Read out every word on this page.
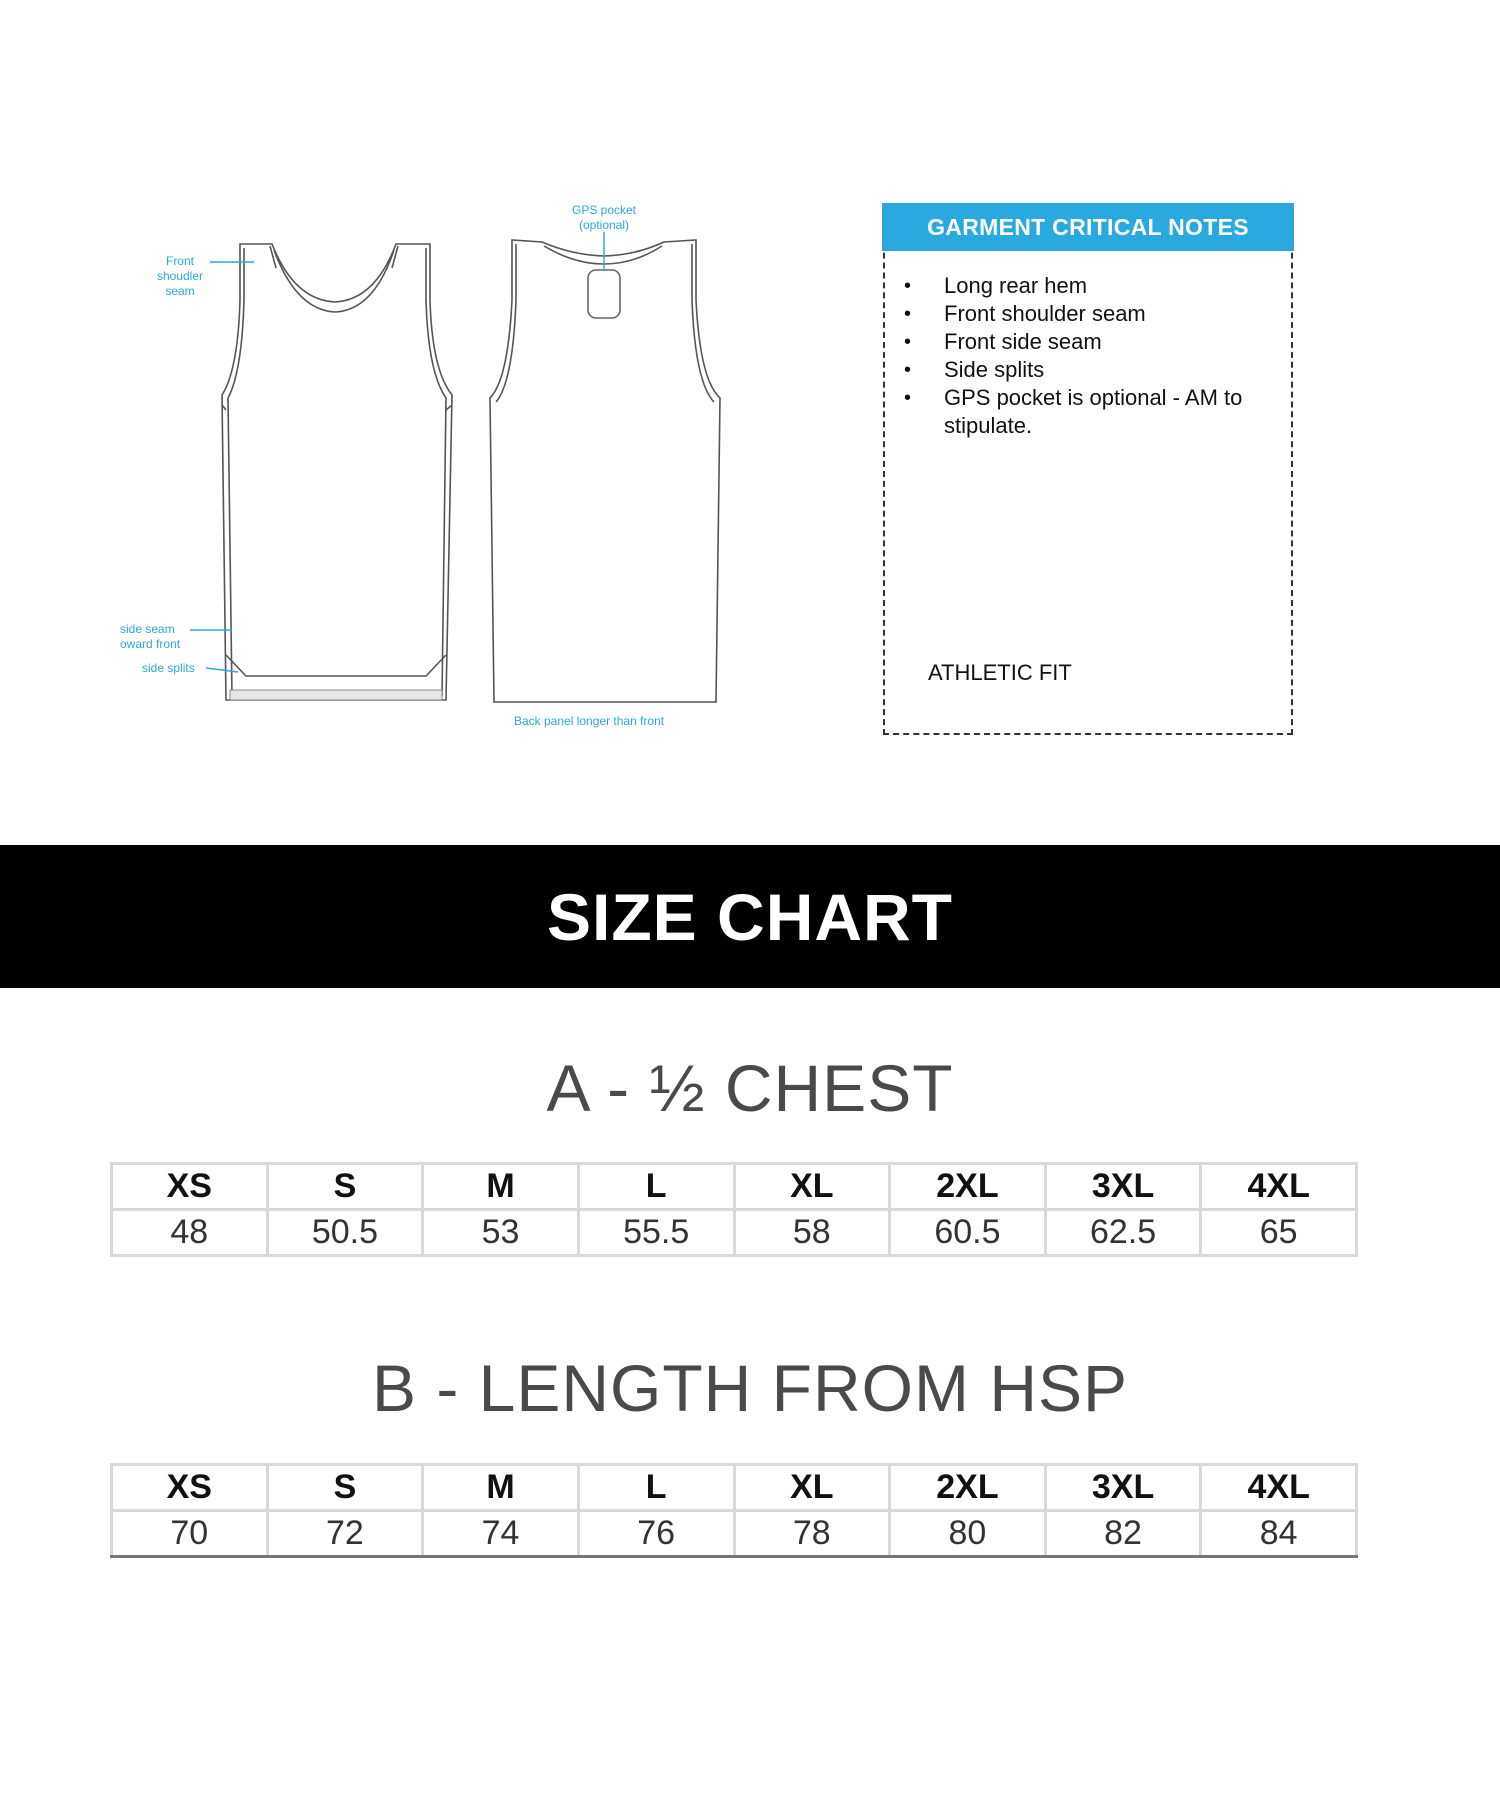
Front
shoudler
seam
side seam
oward front
side splits
GPS pocket
(optional)
Back panel longer than front
GARMENT CRITICAL NOTES
• Long rear hem
• Front shoulder seam
• Front side seam
• Side splits
• GPS pocket is optional - AM to stipulate.
ATHLETIC FIT
SIZE CHART
A - ½ CHEST
XS	S	M	L	XL	2XL	3XL	4XL
48	50.5	53	55.5	58	60.5	62.5	65
B - LENGTH FROM HSP
XS	S	M	L	XL	2XL	3XL	4XL
70	72	74	76	78	80	82	84
